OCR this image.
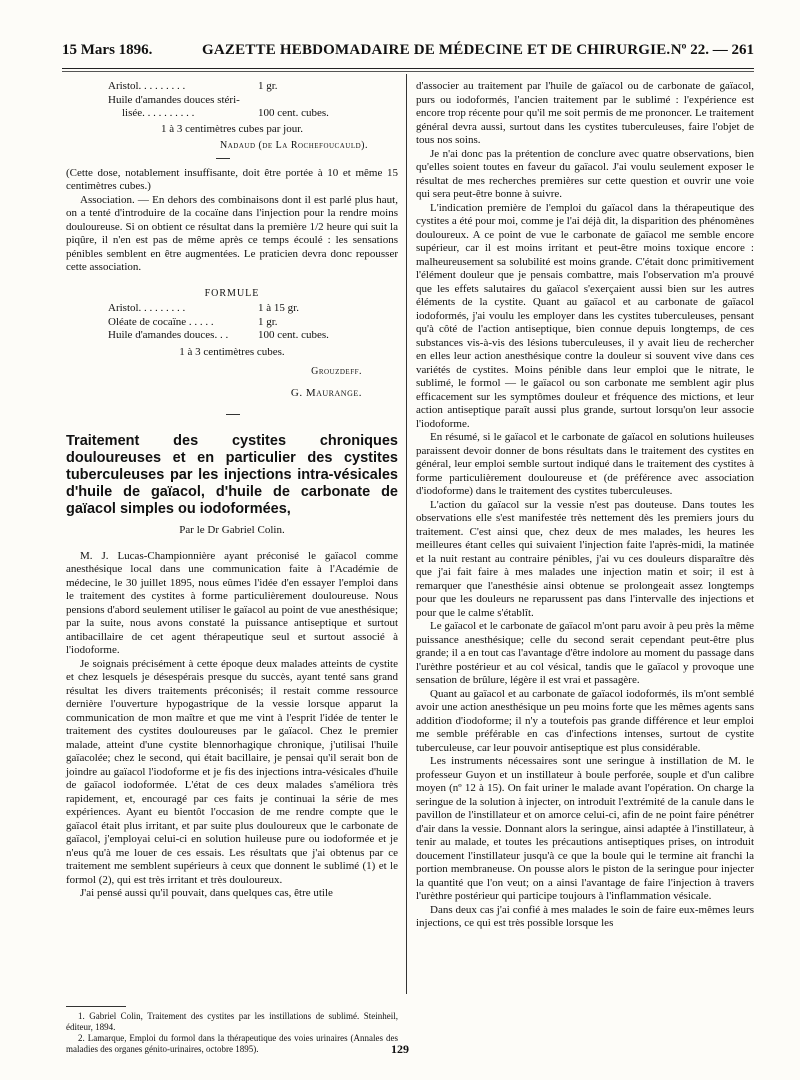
15 Mars 1896.	GAZETTE HEBDOMADAIRE DE MÉDECINE ET DE CHIRURGIE. Nº 22. — 261
Aristol. . . . . . . . .	1 gr.
Huile d'amandes douces stéri-
lisée. . . . . . . . . .	100 cent. cubes.
1 à 3 centimètres cubes par jour.
Nadaud (de La Rochefoucauld).

(Cette dose, notablement insuffisante, doit être portée à 10 et même 15 centimètres cubes.)

Association. — En dehors des combinaisons dont il est parlé plus haut, on a tenté d'introduire de la cocaïne dans l'injection pour la rendre moins douloureuse. Si on obtient ce résultat dans la première 1/2 heure qui suit la piqûre, il n'en est pas de même après ce temps écoulé : les sensations pénibles semblent en être augmentées. Le praticien devra donc repousser cette association.

FORMULE
Aristol. . . . . . . . .	1 à 15 gr.
Oléate de cocaïne . . . . .	1 gr.
Huile d'amandes douces. . .	100 cent. cubes.
1 à 3 centimètres cubes.
Grouzdeff.
G. Maurange.
Traitement des cystites chroniques douloureuses et en particulier des cystites tuberculeuses par les injections intra-vésicales d'huile de gaïacol, d'huile de carbonate de gaïacol simples ou iodoformées,
Par le Dr Gabriel Colin.

M. J. Lucas-Championnière ayant préconisé le gaïacol comme anesthésique local dans une communication faite à l'Académie de médecine, le 30 juillet 1895, nous eûmes l'idée d'en essayer l'emploi dans le traitement des cystites à forme particulièrement douloureuse. Nous pensions d'abord seulement utiliser le gaïacol au point de vue anesthésique; par la suite, nous avons constaté la puissance antiseptique et surtout antibacillaire de cet agent thérapeutique seul et surtout associé à l'iodoforme.

Je soignais précisément à cette époque deux malades atteints de cystite et chez lesquels je désespérais presque du succès, ayant tenté sans grand résultat les divers traitements préconisés; il restait comme ressource dernière l'ouverture hypogastrique de la vessie lorsque apparut la communication de mon maître et que me vint à l'esprit l'idée de tenter le traitement des cystites douloureuses par le gaïacol. Chez le premier malade, atteint d'une cystite blennorhagique chronique, j'utilisai l'huile gaïacolée; chez le second, qui était bacillaire, je pensai qu'il serait bon de joindre au gaïacol l'iodoforme et je fis des injections intra-vésicales d'huile de gaïacol iodoformée. L'état de ces deux malades s'améliora très rapidement, et, encouragé par ces faits je continuai la série de mes expériences. Ayant eu bientôt l'occasion de me rendre compte que le gaïacol était plus irritant, et par suite plus douloureux que le carbonate de gaïacol, j'employai celui-ci en solution huileuse pure ou iodoformée et je n'eus qu'à me louer de ces essais. Les résultats que j'ai obtenus par ce traitement me semblent supérieurs à ceux que donnent le sublimé (1) et le formol (2), qui est très irritant et très douloureux.

J'ai pensé aussi qu'il pouvait, dans quelques cas, être utile

1. Gabriel Colin, Traitement des cystites par les instillations de sublimé. Steinheil, éditeur, 1894.

2. Lamarque, Emploi du formol dans la thérapeutique des voies urinaires (Annales des maladies des organes génito-urinaires, octobre 1895).

d'associer au traitement par l'huile de gaïacol ou de carbonate de gaïacol, purs ou iodoformés, l'ancien traitement par le sublimé : l'expérience est encore trop récente pour qu'il me soit permis de me prononcer. Le traitement général devra aussi, surtout dans les cystites tuberculeuses, faire l'objet de tous nos soins.

Je n'ai donc pas la prétention de conclure avec quatre observations, bien qu'elles soient toutes en faveur du gaïacol. J'ai voulu seulement exposer le résultat de mes recherches premières sur cette question et ouvrir une voie qui sera peut-être bonne à suivre.

L'indication première de l'emploi du gaïacol dans la thérapeutique des cystites a été pour moi, comme je l'ai déjà dit, la disparition des phénomènes douloureux. A ce point de vue le carbonate de gaïacol me semble encore supérieur, car il est moins irritant et peut-être moins toxique encore : malheureusement sa solubilité est moins grande. C'était donc primitivement l'élément douleur que je pensais combattre, mais l'observation m'a prouvé que les effets salutaires du gaïacol s'exerçaient aussi bien sur les autres éléments de la cystite. Quant au gaïacol et au carbonate de gaïacol iodoformés, j'ai voulu les employer dans les cystites tuberculeuses, pensant qu'à côté de l'action antiseptique, bien connue depuis longtemps, de ces substances vis-à-vis des lésions tuberculeuses, il y avait lieu de rechercher en elles leur action anesthésique contre la douleur si souvent vive dans ces variétés de cystites. Moins pénible dans leur emploi que le nitrate, le sublimé, le formol — le gaïacol ou son carbonate me semblent agir plus efficacement sur les symptômes douleur et fréquence des mictions, et leur action antiseptique paraît aussi plus grande, surtout lorsqu'on leur associe l'iodoforme.

En résumé, si le gaïacol et le carbonate de gaïacol en solutions huileuses paraissent devoir donner de bons résultats dans le traitement des cystites en général, leur emploi semble surtout indiqué dans le traitement des cystites à forme particulièrement douloureuse et (de préférence avec association d'iodoforme) dans le traitement des cystites tuberculeuses.

L'action du gaïacol sur la vessie n'est pas douteuse. Dans toutes les observations elle s'est manifestée très nettement dès les premiers jours du traitement. C'est ainsi que, chez deux de mes malades, les heures les meilleures étant celles qui suivaient l'injection faite l'après-midi, la matinée et la nuit restant au contraire pénibles, j'ai vu ces douleurs disparaître dès que j'ai fait faire à mes malades une injection matin et soir; il est à remarquer que l'anesthésie ainsi obtenue se prolongeait assez longtemps pour que les douleurs ne reparussent pas dans l'intervalle des injections et pour que le calme s'établît.

Le gaïacol et le carbonate de gaïacol m'ont paru avoir à peu près la même puissance anesthésique; celle du second serait cependant peut-être plus grande; il a en tout cas l'avantage d'être indolore au moment du passage dans l'urèthre postérieur et au col vésical, tandis que le gaïacol y provoque une sensation de brûlure, légère il est vrai et passagère.

Quant au gaïacol et au carbonate de gaïacol iodoformés, ils m'ont semblé avoir une action anesthésique un peu moins forte que les mêmes agents sans addition d'iodoforme; il n'y a toutefois pas grande différence et leur emploi me semble préférable en cas d'infections intenses, surtout de cystite tuberculeuse, car leur pouvoir antiseptique est plus considérable.

Les instruments nécessaires sont une seringue à instillation de M. le professeur Guyon et un instillateur à boule perforée, souple et d'un calibre moyen (nº 12 à 15). On fait uriner le malade avant l'opération. On charge la seringue de la solution à injecter, on introduit l'extrémité de la canule dans le pavillon de l'instillateur et on amorce celui-ci, afin de ne point faire pénétrer d'air dans la vessie. Donnant alors la seringue, ainsi adaptée à l'instillateur, à tenir au malade, et toutes les précautions antiseptiques prises, on introduit doucement l'instillateur jusqu'à ce que la boule qui le termine ait franchi la portion membraneuse. On pousse alors le piston de la seringue pour injecter la quantité que l'on veut; on a ainsi l'avantage de faire l'injection à travers l'urèthre postérieur qui participe toujours à l'inflammation vésicale.

Dans deux cas j'ai confié à mes malades le soin de faire eux-mêmes leurs injections, ce qui est très possible lorsque les

129
